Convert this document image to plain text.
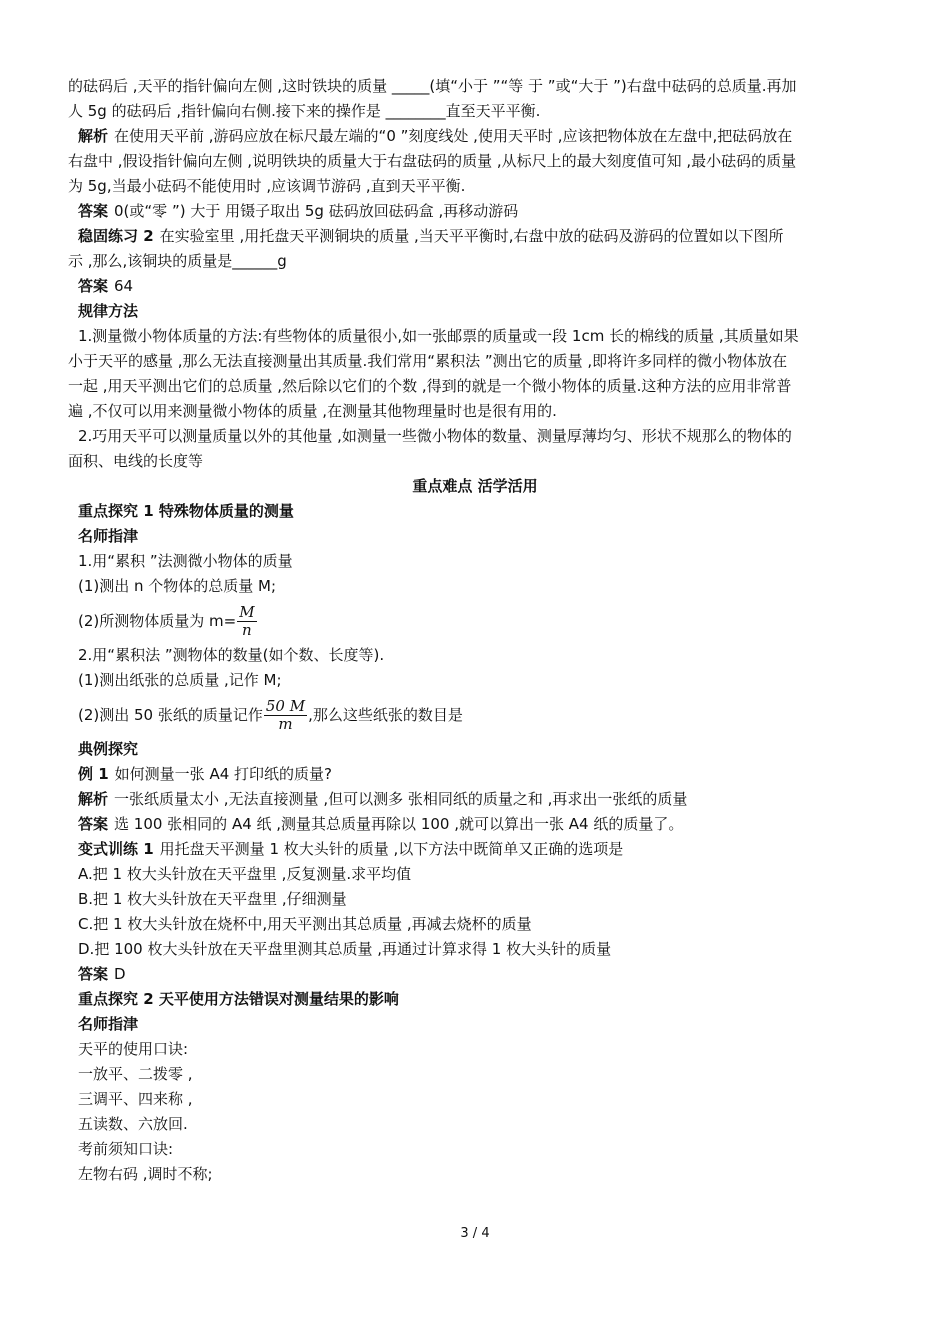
的砝码后 ,天平的指针偏向左侧 ,这时铁块的质量 _____(填“小于 ”“等 于 ”或“大于 ”)右盘中砝码的总质量.再加

人 5g 的砝码后 ,指针偏向右侧.接下来的操作是 ________直至天平平衡.

解析 在使用天平前 ,游码应放在标尺最左端的“0 ”刻度线处 ,使用天平时 ,应该把物体放在左盘中,把砝码放在

右盘中 ,假设指针偏向左侧 ,说明铁块的质量大于右盘砝码的质量 ,从标尺上的最大刻度值可知 ,最小砝码的质量

为 5g,当最小砝码不能使用时 ,应该调节游码 ,直到天平平衡.

答案 0(或“零 ”) 大于 用镊子取出 5g 砝码放回砝码盒 ,再移动游码

稳固练习 2 在实验室里 ,用托盘天平测铜块的质量 ,当天平平衡时,右盘中放的砝码及游码的位置如以下图所

示 ,那么,该铜块的质量是______g

答案 64

规律方法

1.测量微小物体质量的方法:有些物体的质量很小,如一张邮票的质量或一段 1cm 长的棉线的质量 ,其质量如果

小于天平的感量 ,那么无法直接测量出其质量.我们常用“累积法 ”测出它的质量 ,即将许多同样的微小物体放在

一起 ,用天平测出它们的总质量 ,然后除以它们的个数 ,得到的就是一个微小物体的质量.这种方法的应用非常普

遍 ,不仅可以用来测量微小物体的质量 ,在测量其他物理量时也是很有用的.

2.巧用天平可以测量质量以外的其他量 ,如测量一些微小物体的数量、测量厚薄均匀、形状不规那么的物体的

面积、电线的长度等

重点难点 活学活用

重点探究 1 特殊物体质量的测量

名师指津

1.用“累积 ”法测微小物体的质量

(1)测出 n 个物体的总质量 M;

(2)所测物体质量为 $m= \frac{M}{n}$

2.用“累积法 ”测物体的数量(如个数、长度等).

(1)测出纸张的总质量 ,记作 M;

(2)测出 50 张纸的质量记作 $\frac{50 M}{m}$ ,那么这些纸张的数目是

典例探究

例 1 如何测量一张 A4 打印纸的质量?

解析 一张纸质量太小 ,无法直接测量 ,但可以测多 张相同纸的质量之和 ,再求出一张纸的质量

答案 选 100 张相同的 A4 纸 ,测量其总质量再除以 100 ,就可以算出一张 A4 纸的质量了。

变式训练 1 用托盘天平测量 1 枚大头针的质量 ,以下方法中既简单又正确的选项是

A.把 1 枚大头针放在天平盘里 ,反复测量.求平均值

B.把 1 枚大头针放在天平盘里 ,仔细测量

C.把 1 枚大头针放在烧杯中,用天平测出其总质量 ,再减去烧杯的质量

D.把 100 枚大头针放在天平盘里测其总质量 ,再通过计算求得 1 枚大头针的质量

答案 D

重点探究 2 天平使用方法错误对测量结果的影响

名师指津

天平的使用口诀:

一放平、二拨零 ,

三调平、四来称 ,

五读数、六放回.

考前须知口诀:

左物右码 ,调时不称;

3 / 4
